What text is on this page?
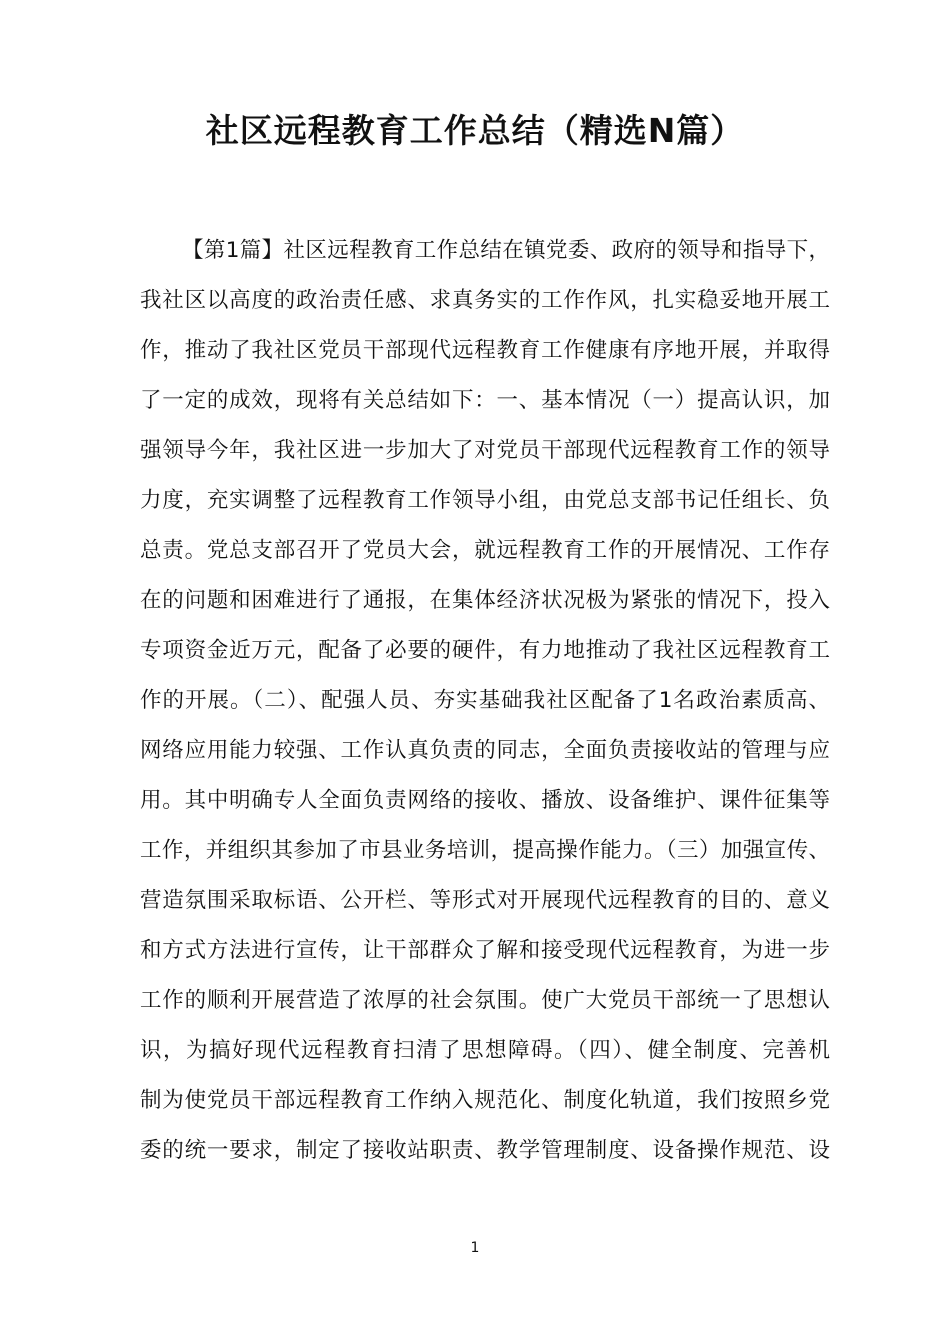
社区远程教育工作总结（精选N篇）
【第1篇】社区远程教育工作总结在镇党委、政府的领导和指导下，
我社区以高度的政治责任感、求真务实的工作作风，扎实稳妥地开展工
作，推动了我社区党员干部现代远程教育工作健康有序地开展，并取得
了一定的成效，现将有关总结如下：一、基本情况（一）提高认识，加
强领导今年，我社区进一步加大了对党员干部现代远程教育工作的领导
力度，充实调整了远程教育工作领导小组，由党总支部书记任组长、负
总责。党总支部召开了党员大会，就远程教育工作的开展情况、工作存
在的问题和困难进行了通报，在集体经济状况极为紧张的情况下，投入
专项资金近万元，配备了必要的硬件，有力地推动了我社区远程教育工
作的开展。（二）、配强人员、夯实基础我社区配备了1名政治素质高、
网络应用能力较强、工作认真负责的同志，全面负责接收站的管理与应
用。其中明确专人全面负责网络的接收、播放、设备维护、课件征集等
工作，并组织其参加了市县业务培训，提高操作能力。（三）加强宣传、
营造氛围采取标语、公开栏、等形式对开展现代远程教育的目的、意义
和方式方法进行宣传，让干部群众了解和接受现代远程教育，为进一步
工作的顺利开展营造了浓厚的社会氛围。使广大党员干部统一了思想认
识，为搞好现代远程教育扫清了思想障碍。（四）、健全制度、完善机
制为使党员干部远程教育工作纳入规范化、制度化轨道，我们按照乡党
委的统一要求，制定了接收站职责、教学管理制度、设备操作规范、设
1
